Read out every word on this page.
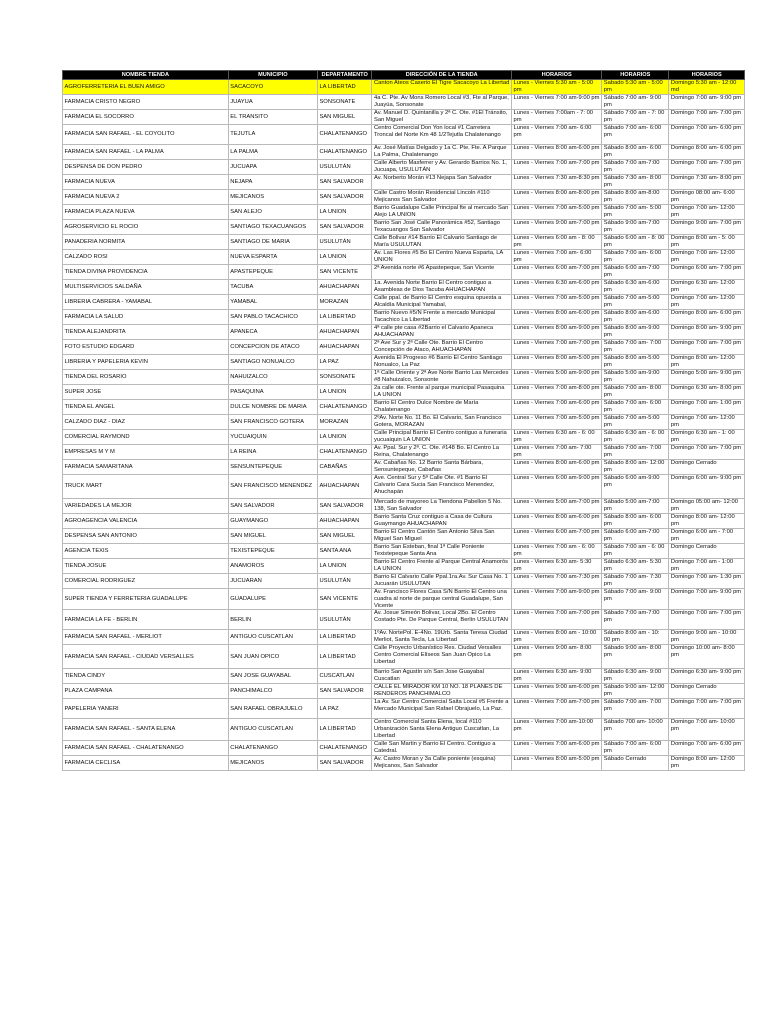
NOMBRE TIENDA	MUNICIPIO	DEPARTAMENTO	DIRECCIÓN DE LA TIENDA	HORARIOS	HORARIOS	HORARIOS
AGROFERRETERIA EL BUEN AMIGO	SACACOYO	LA LIBERTAD	Canton Ateos Caserio El Tigre Sacacoyo La Libertad	Lunes - Viernes 5:30 am - 5:00 pm	Sabado 5:30 am - 5:00 pm	Domingo 5:30 am - 12:00 md
FARMACIA CRISTO NEGRO	JUAYUA	SONSONATE	4a C. Pte. Av Mons Romero Local #3, Fte al Parque, Juayúa, Sonsonate	Lunes - Viernes 7:00 am-9:00 pm	Sábado 7:00 am- 9:00 pm	Domingo 7:00 am- 9:00 pm
FARMACIA EL SOCORRO	EL TRANSITO	SAN MIGUEL	Av. Manuel D. Quintanilla y 2ª C. Ote. #1El Tránsito, San Miguel	Lunes - Viernes 7:00am - 7: 00 pm	Sábado 7:00 am - 7: 00 pm	Domingo 7:00 am- 7:00 pm
FARMACIA SAN RAFAEL - EL COYOLITO	TEJUTLA	CHALATENANGO	Centro Comercial Don Yon local #1 Carretera Troncal del Norte Km 48 1/2Tejutla Chalatenango	Lunes - Viernes 7:00 am- 6:00 pm	Sábado 7:00 am- 6:00 pm	Domingo 7:00 am- 6:00 pm
FARMACIA SAN RAFAEL - LA PALMA	LA PALMA	CHALATENANGO	Av. José Matías Delgado y 1a C. Pte. Fte. A Parque La Palma, Chalatenango	Lunes - Viernes 8:00 am-6:00 pm	Sábado 8:00 am- 6:00 pm	Domingo 8:00 am- 6:00 pm
DESPENSA DE DON PEDRO	JUCUAPA	USULUTÁN	Calle Alberto Masferrer y Av. Gerardo Barrios No. 1, Jucuapa, USULUTÁN	Lunes - Viernes 7:00 am-7:00 pm	Sábado 7:00 am-7:00 pm	Domingo 7:00 am- 7:00 pm
FARMACIA NUEVA	NEJAPA	SAN SALVADOR	Av. Norberto Morán #13 Nejapa San Salvador	Lunes - Viernes 7:30 am-8:30 pm	Sábado 7:30 am- 8:00 pm	Domingo 7:30 am- 8:00 pm
FARMACIA NUEVA 2	MEJICANOS	SAN SALVADOR	Calle Castro Morán Residencial Lincoln #110 Mejicanos San Salvador	Lunes - Viernes 8:00 am-8:00 pm	Sábado 8:00 am-8:00 pm	Domingo 08:00 am- 6:00 pm
FARMACIA PLAZA NUEVA	SAN ALEJO	LA UNION	Barrio Guadalupe Calle Principal fte al mercado San Alejo LA UNION	Lunes - Viernes 7:00 am-5:00 pm	Sábado 7:00 am- 5:00 pm	Domingo 7:00 am- 12:00 pm
AGROSERVICIO EL ROCIO	SANTIAGO TEXACUANGOS	SAN SALVADOR	Barrio San José Calle Panorámica #52, Santiago Texacuangos San Salvador	Lunes - Viernes 9:00 am-7:00 pm	Sábado 9:00 am-7:00 pm	Domingo 9:00 am- 7:00 pm
PANADERIA NORMITA	SANTIAGO DE MARIA	USULUTÁN	Calle Bolivar #14 Barrio El Calvario Santiago de María USULUTAN	Lunes - Viernes 6:00 am - 8: 00 pm	Sábado 6:00 am - 8: 00 pm	Domingo 8:00 am - 5: 00 pm
CALZADO ROSI	NUEVA ESPARTA	LA UNION	Av. Las Flores #5 Bo El Centro Nueva Esparta, LA UNION	Lunes - Viernes 7:00 am- 6:00 pm	Sábado 7:00 am- 6:00 pm	Domingo 7:00 am- 12:00 pm
TIENDA DIVINA PROVIDENCIA	APASTEPEQUE	SAN VICENTE	2ª Avenida norte #6 Apastepeque, San Vicente	Lunes - Viernes 6:00 am-7:00 pm	Sábado 6:00 am-7:00 pm	Domingo 6:00 am- 7:00 pm
MULTISERVICIOS SALDAÑA	TACUBA	AHUACHAPAN	1a. Avenida Norte Barrio El Centro contiguo a Asambleas de Dios Tacuba AHUACHAPAN	Lunes - Viernes 6:30 am-6:00 pm	Sábado 6:30 am-6:00 pm	Domingo 6:30 am- 12:00 pm
LIBRERIA CABRERA - YAMABAL	YAMABAL	MORAZAN	Calle ppal. de Barrio El Centro esquina opuesta a Alcaldía Municipal Yamabal,	Lunes - Viernes 7:00 am-5:00 pm	Sábado 7:00 am-5:00 pm	Domingo 7:00 am- 12:00 pm
FARMACIA LA SALUD	SAN PABLO TACACHICO	LA LIBERTAD	Barrio Nuevo #5/N Frente a mercado Municipal Tacachico La Libertad	Lunes - Viernes 8:00 am-6:00 pm	Sábado 8:00 am-6:00 pm	Domingo 8:00 am- 6:00 pm
TIENDA ALEJANDRITA	APANECA	AHUACHAPAN	4ª calle pte casa #2Barrio el Calvario Apaneca AHUACHAPAN	Lunes - Viernes 8:00 am-9:00 pm	Sábado 8:00 am-9:00 pm	Domingo 8:00 am- 9:00 pm
FOTO ESTUDIO EDGARD	CONCEPCION DE ATACO	AHUACHAPAN	2ª Ave Sur y 2ª Calle Ote. Barrio El Centro Concepción de Ataco, AHUACHAPAN	Lunes - Viernes 7:00 am-7:00 pm	Sábado 7:00 am- 7:00 pm	Domingo 7:00 am- 7:00 pm
LIBRERIA Y PAPELERIA KEVIN	SANTIAGO NONUALCO	LA PAZ	Avenida El Progreso #6 Barrio El Centro Santiago Nonualco, La Paz	Lunes - Viernes 8:00 am-5:00 pm	Sábado 8:00 am-5:00 pm	Domingo 8:00 am- 12:00 pm
TIENDA DEL ROSARIO	NAHUIZALCO	SONSONATE	1ª Calle Oriente y 2ª Ave Norte Barrio Las Mercedes #8 Nahuizalco, Sonsonte	Lunes - Viernes 5:00 am-9:00 pm	Sábado 5:00 am-9:00 pm	Domingo 5:00 am- 9:00 pm
SUPER JOSE	PASAQUINA	LA UNION	2a calle ote. Frente al parque municipal Pasaquina LA UNION	Lunes - Viernes 7:00 am-8:00 pm	Sábado 7:00 am- 8:00 pm	Domingo 6:30 am- 8:00 pm
TIENDA EL ANGEL	DULCE NOMBRE DE MARIA	CHALATENANGO	Barrio El Centro Dulce Nombre de María Chalatenango	Lunes - Viernes 7:00 am-6:00 pm	Sábado 7:00 am- 6:00 pm	Domingo 7:00 am- 1:00 pm
CALZADO DIAZ - DIAZ	SAN FRANCISCO GOTERA	MORAZAN	2ºAv. Norte No. 11 Bo. El Calvario, San Francisco Gotera, MORAZAN	Lunes - Viernes 7:00 am-5:00 pm	Sábado 7:00 am-5:00 pm	Domingo 7:00 am- 12:00 pm
COMERCIAL RAYMOND	YUCUAIQUIN	LA UNION	Calle Principal Barrio El Centro contiguo a funeraria yucuaiquin LA UNION	Lunes - Viernes 6:30 am - 6: 00 pm	Sábado 6:30 am - 6: 00 pm	Domingo 6:30 am - 1: 00 pm
EMPRESAS M Y M	LA REINA	CHALATENANGO	Av. Ppal. Sur y 2ª. C. Ote. #148 Bo. El Centro La Reina, Chalatenango	Lunes - Viernes 7:00 am- 7:00 pm	Sábado 7:00 am- 7:00 pm	Domingo 7:00 am- 7:00 pm
FARMACIA SAMARITANA	SENSUNTEPEQUE	CABAÑAS	Av. Cabañas No. 12 Barrio Santa Bárbara, Sensuntepeque, Cabañas	Lunes - Viernes 8:00 am-6:00 pm	Sábado 8:00 am- 12:00 pm	Domingo Cerrado
TRUCK MART	SAN FRANCISCO MENENDEZ	AHUACHAPAN	Ave. Central Sur y 5ª Calle Ote. #1 Barrio El Calvario Cara Sucia San Francisco Menendez, Ahuchapán	Lunes - Viernes 6:00 am-9:00 pm	Sábado 6:00 am-9:00 pm	Domingo 6:00 am- 9:00 pm
VARIEDADES LA MEJOR	SAN SALVADOR	SAN SALVADOR	Mercado de mayoreo La Tiendona Pabellon 5 No. 138, San Salvador	Lunes - Viernes 5:00 am-7:00 pm	Sábado 5:00 am-7:00 pm	Domingo 05:00 am- 12:00 pm
AGROAGENCIA VALENCIA	GUAYMANGO	AHUACHAPAN	Barrio Santa Cruz contiguo a Casa de Cultura Guaymango AHUACHAPAN	Lunes - Viernes 8:00 am-6:00 pm	Sábado 8:00 am- 6:00 pm	Domingo 8:00 am- 12:00 pm
DESPENSA SAN ANTONIO	SAN MIGUEL	SAN MIGUEL	Barrio El Centro Cantón San Antonio Silva San Miguel San Miguel	Lunes - Viernes 6:00 am-7:00 pm	Sábado 6:00 am-7:00 pm	Domingo 6:00 am - 7:00 pm
AGENCIA TEXIS	TEXISTEPEQUE	SANTA ANA	Barrio San Esteban, final 1ª Calle Poniente Texistepeque Santa Ana	Lunes - Viernes 7:00 am - 6: 00 pm	Sábado 7:00 am - 6: 00 pm	Domingo Cerrado
TIENDA JOSUE	ANAMOROS	LA UNION	Barrio El Centro Frente al Parque Central Anamorós LA UNION	Lunes - Viernes 6:30 am- 5:30 pm	Sábado 6:30 am- 5:30 pm	Domingo 7:00 am - 1:00 pm
COMERCIAL RODRIGUEZ	JUCUARAN	USULUTÁN	Barrio El Calvario Calle Ppal.1ra.Av. Sur Casa No. 1 Jucuarán USULUTAN	Lunes - Viernes 7:00 am-7:30 pm	Sábado 7:00 am- 7:30 pm	Domingo 7:00 am- 1:30 pm
SUPER TIENDA Y FERRETERIA GUADALUPE	GUADALUPE	SAN VICENTE	Av. Francisco Flores Casa S/N Barrio El Centro una cuadra al norte de parque central Guadalupe, San Vicente	Lunes - Viernes 7:00 am-9:00 pm	Sábado 7:00 am- 9:00 pm	Domingo 7:00 am- 9:00 pm
FARMACIA LA FE - BERLIN	BERLIN	USULUTÁN	Av. Josue Simeón Bolivar, Local 2Bo. El Centro Costado Pte. De Parque Central, Berlín USULUTAN	Lunes - Viernes 7:00 am-7:00 pm	Sábado 7:00 am-7:00 pm	Domingo 7:00 am- 7:00 pm
FARMACIA SAN RAFAEL - MERLIOT	ANTIGUO CUSCATLAN	LA LIBERTAD	1ºAv. NortePol. E-4No. 19Urb. Santa Teresa Ciudad Merliot, Santa Tecla, La Libertad	Lunes - Viernes 8:00 am - 10:00 pm	Sábado 8:00 am - 10: 00 pm	Domingo 9:00 am - 10:00 pm
FARMACIA SAN RAFAEL - CIUDAD VERSALLES	SAN JUAN OPICO	LA LIBERTAD	Calle Proyecto Urbanístico Res. Ciudad Versalles Centro Comercial Elíseos San Juan Opico La Libertad	Lunes - Viernes 9:00 am- 8:00 pm	Sábado 9:00 am- 8:00 pm	Domingo 10:00 am- 8:00 pm
TIENDA CINDY	SAN JOSE GUAYABAL	CUSCATLAN	Barrio San Agustín s/n San Jose Guayabal Cuscatlan	Lunes - Viernes 6:30 am- 9:00 pm	Sábado 6:30 am- 9:00 pm	Domingo 6:30 am- 9:00 pm
PLAZA CAMPANA	PANCHIMALCO	SAN SALVADOR	CALLE EL MIRADOR KM 10 NO. 18 PLANES DE RENDEROS PANCHIMALCO	Lunes - Viernes 9:00 am-6:00 pm	Sábado 9:00 am- 12:00 pm	Domingo Cerrado
PAPELERIA YANERI	SAN RAFAEL OBRAJUELO	LA PAZ	1a Av. Sur Centro Comercial Saita Local #5 Frente a Mercado Municipal San Rafael Obrajuelo, La Paz.	Lunes - Viernes 7:00 am-7:00 pm	Sábado 7:00 am- 7:00 pm	Domingo 7:00 am- 7:00 pm
FARMACIA SAN RAFAEL - SANTA ELENA	ANTIGUO CUSCATLAN	LA LIBERTAD	Centro Comercial Santa Elena, local #110 Urbanización Santa Elena Antiguo Cuscatlan, La Libertad	Lunes - Viernes 7:00 am-10:00 pm	Sábado 700 am- 10:00 pm	Domingo 7:00 am- 10:00 pm
FARMACIA SAN RAFAEL - CHALATENANGO	CHALATENANGO	CHALATENANGO	Calle San Martin y Barrio El Centro. Contiguo a Catedral.	Lunes - Viernes 7:00 am-6:00 pm	Sábado 7:00 am- 6:00 pm	Domingo 7:00 am- 6:00 pm
FARMACIA CECLISA	MEJICANOS	SAN SALVADOR	Av. Castro Moran y 3a Calle poniente (esquina) Mejicanos, San Salvador	Lunes - Viernes 8:00 am-5:00 pm	Sábado Cerrado	Domingo 8:00 am- 12:00 pm
